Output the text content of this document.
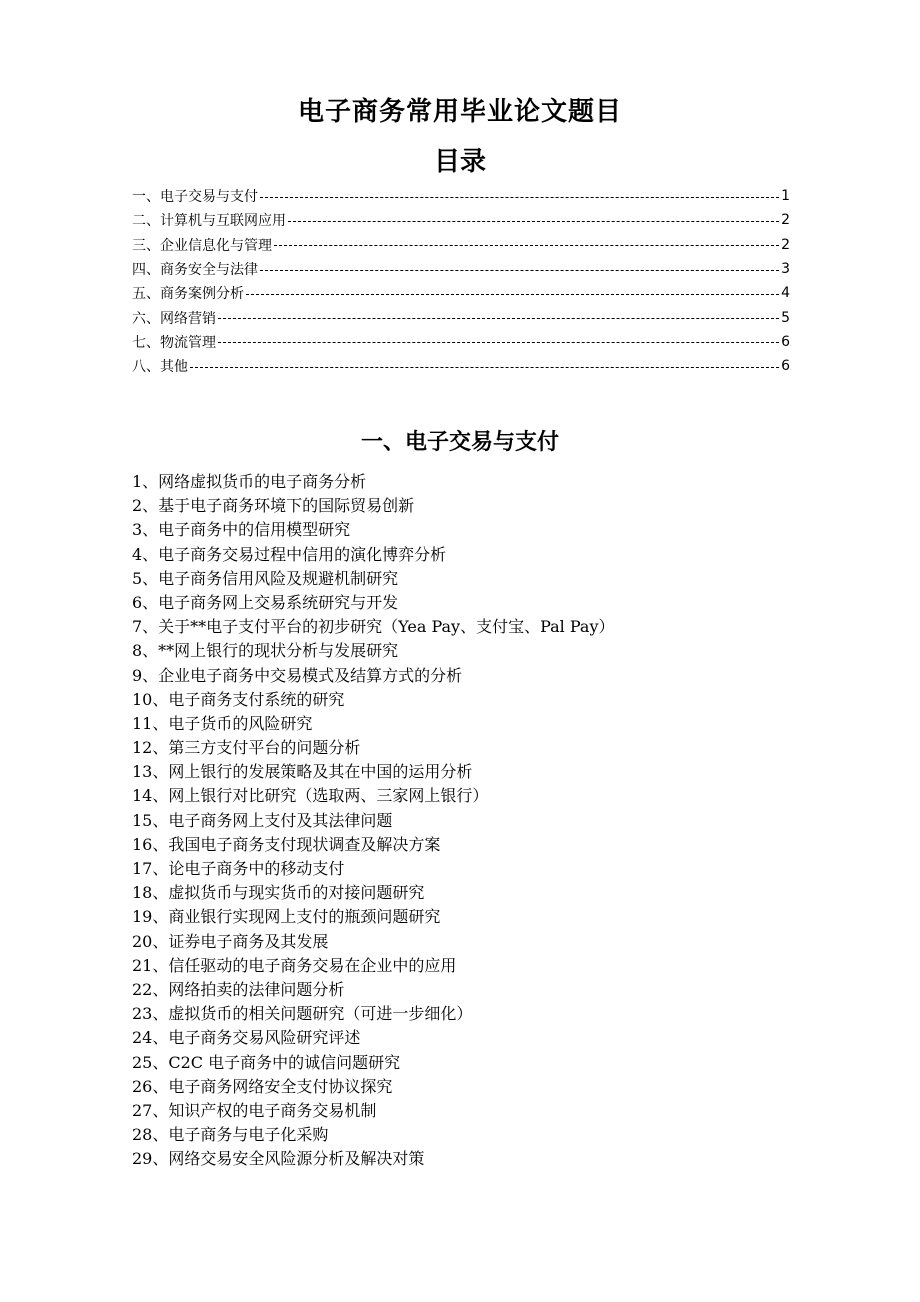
电子商务常用毕业论文题目
目录
一、电子交易与支付	1
二、计算机与互联网应用	2
三、企业信息化与管理	2
四、商务安全与法律	3
五、商务案例分析	4
六、网络营销	5
七、物流管理	6
八、其他	6
一、电子交易与支付
1、网络虚拟货币的电子商务分析
2、基于电子商务环境下的国际贸易创新
3、电子商务中的信用模型研究
4、电子商务交易过程中信用的演化博弈分析
5、电子商务信用风险及规避机制研究
6、电子商务网上交易系统研究与开发
7、关于**电子支付平台的初步研究（Yea Pay、支付宝、Pal Pay）
8、**网上银行的现状分析与发展研究
9、企业电子商务中交易模式及结算方式的分析
10、电子商务支付系统的研究
11、电子货币的风险研究
12、第三方支付平台的问题分析
13、网上银行的发展策略及其在中国的运用分析
14、网上银行对比研究（选取两、三家网上银行）
15、电子商务网上支付及其法律问题
16、我国电子商务支付现状调查及解决方案
17、论电子商务中的移动支付
18、虚拟货币与现实货币的对接问题研究
19、商业银行实现网上支付的瓶颈问题研究
20、证券电子商务及其发展
21、信任驱动的电子商务交易在企业中的应用
22、网络拍卖的法律问题分析
23、虚拟货币的相关问题研究（可进一步细化）
24、电子商务交易风险研究评述
25、C2C 电子商务中的诚信问题研究
26、电子商务网络安全支付协议探究
27、知识产权的电子商务交易机制
28、电子商务与电子化采购
29、网络交易安全风险源分析及解决对策
